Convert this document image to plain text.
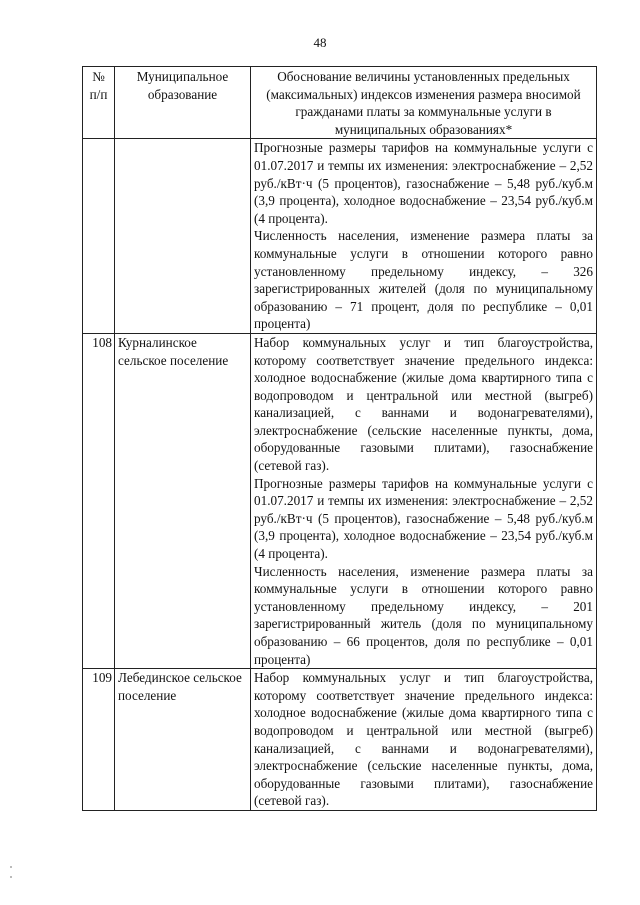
48
№ п/п	Муниципальное образование	Обоснование величины установленных предельных (максимальных) индексов изменения размера вносимой гражданами платы за коммунальные услуги в муниципальных образованиях*

		Прогнозные размеры тарифов на коммунальные услуги с 01.07.2017 и темпы их изменения: электроснабжение – 2,52 руб./кВт·ч (5 процентов), газоснабжение – 5,48 руб./куб.м (3,9 процента), холодное водоснабжение – 23,54 руб./куб.м (4 процента).

Численность населения, изменение размера платы за коммунальные услуги в отношении которого равно установленному предельному индексу, – 326 зарегистрированных жителей (доля по муниципальному образованию – 71 процент, доля по республике – 0,01 процента)

108	Курналинское сельское поселение	Набор коммунальных услуг и тип благоустройства, которому соответствует значение предельного индекса: холодное водоснабжение (жилые дома квартирного типа с водопроводом и центральной или местной (выгреб) канализацией, с ваннами и водонагревателями), электроснабжение (сельские населенные пункты, дома, оборудованные газовыми плитами), газоснабжение (сетевой газ).

Прогнозные размеры тарифов на коммунальные услуги с 01.07.2017 и темпы их изменения: электроснабжение – 2,52 руб./кВт·ч (5 процентов), газоснабжение – 5,48 руб./куб.м (3,9 процента), холодное водоснабжение – 23,54 руб./куб.м (4 процента).

Численность населения, изменение размера платы за коммунальные услуги в отношении которого равно установленному предельному индексу, – 201 зарегистрированный житель (доля по муниципальному образованию – 66 процентов, доля по республике – 0,01 процента)

109	Лебединское сельское поселение	Набор коммунальных услуг и тип благоустройства, которому соответствует значение предельного индекса: холодное водоснабжение (жилые дома квартирного типа с водопроводом и центральной или местной (выгреб) канализацией, с ваннами и водонагревателями), электроснабжение (сельские населенные пункты, дома, оборудованные газовыми плитами), газоснабжение (сетевой газ).
